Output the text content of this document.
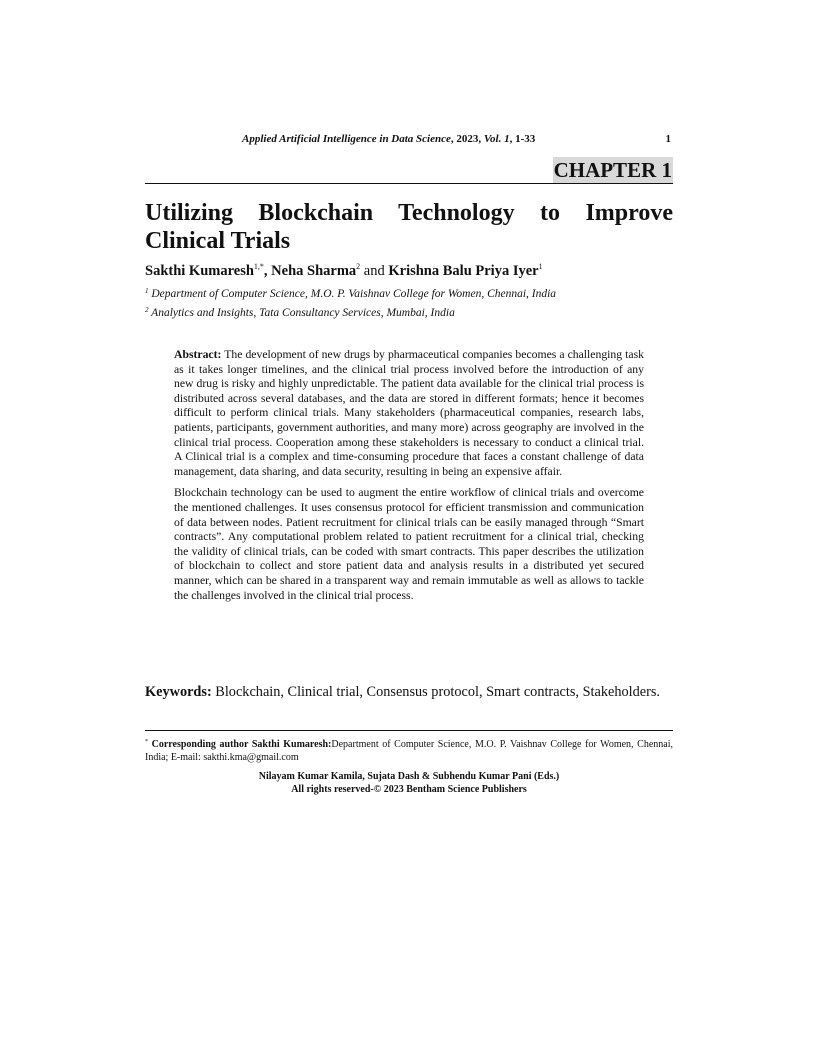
Applied Artificial Intelligence in Data Science, 2023, Vol. 1, 1-33	1
CHAPTER 1
Utilizing Blockchain Technology to Improve
Clinical Trials
Sakthi Kumaresh$^{1,*}$, Neha Sharma$^2$ and Krishna Balu Priya Iyer$^1$
$^1$ Department of Computer Science, M.O. P. Vaishnav College for Women, Chennai, India
$^2$ Analytics and Insights, Tata Consultancy Services, Mumbai, India

Abstract: The development of new drugs by pharmaceutical companies becomes a challenging task as it takes longer timelines, and the clinical trial process involved before the introduction of any new drug is risky and highly unpredictable. The patient data available for the clinical trial process is distributed across several databases, and the data are stored in different formats; hence it becomes difficult to perform clinical trials. Many stakeholders (pharmaceutical companies, research labs, patients, participants, government authorities, and many more) across geography are involved in the clinical trial process. Cooperation among these stakeholders is necessary to conduct a clinical trial. A Clinical trial is a complex and time-consuming procedure that faces a constant challenge of data management, data sharing, and data security, resulting in being an expensive affair.

Blockchain technology can be used to augment the entire workflow of clinical trials and overcome the mentioned challenges. It uses consensus protocol for efficient transmission and communication of data between nodes. Patient recruitment for clinical trials can be easily managed through “Smart contracts”. Any computational problem related to patient recruitment for a clinical trial, checking the validity of clinical trials, can be coded with smart contracts. This paper describes the utilization of blockchain to collect and store patient data and analysis results in a distributed yet secured manner, which can be shared in a transparent way and remain immutable as well as allows to tackle the challenges involved in the clinical trial process.

Keywords: Blockchain, Clinical trial, Consensus protocol, Smart contracts, Stakeholders.

* Corresponding author Sakthi Kumaresh:Department of Computer Science, M.O. P. Vaishnav College for Women, Chennai, India; E-mail: sakthi.kma@gmail.com

Nilayam Kumar Kamila, Sujata Dash & Subhendu Kumar Pani (Eds.)
All rights reserved-© 2023 Bentham Science Publishers
